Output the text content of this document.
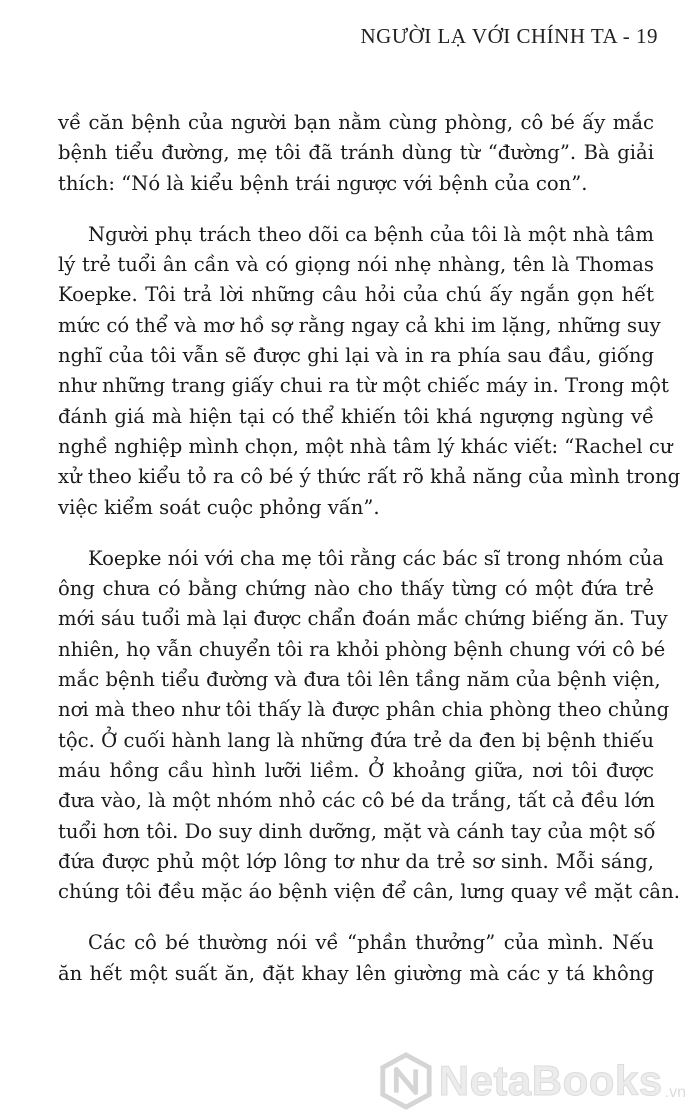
NGƯỜI LẠ VỚI CHÍNH TA - 19

về căn bệnh của người bạn nằm cùng phòng, cô bé ấy mắc
bệnh tiểu đường, mẹ tôi đã tránh dùng từ “đường”. Bà giải
thích: “Nó là kiểu bệnh trái ngược với bệnh của con”.

Người phụ trách theo dõi ca bệnh của tôi là một nhà tâm
lý trẻ tuổi ân cần và có giọng nói nhẹ nhàng, tên là Thomas
Koepke. Tôi trả lời những câu hỏi của chú ấy ngắn gọn hết
mức có thể và mơ hồ sợ rằng ngay cả khi im lặng, những suy
nghĩ của tôi vẫn sẽ được ghi lại và in ra phía sau đầu, giống
như những trang giấy chui ra từ một chiếc máy in. Trong một
đánh giá mà hiện tại có thể khiến tôi khá ngượng ngùng về
nghề nghiệp mình chọn, một nhà tâm lý khác viết: “Rachel cư
xử theo kiểu tỏ ra cô bé ý thức rất rõ khả năng của mình trong
việc kiểm soát cuộc phỏng vấn”.

Koepke nói với cha mẹ tôi rằng các bác sĩ trong nhóm của
ông chưa có bằng chứng nào cho thấy từng có một đứa trẻ
mới sáu tuổi mà lại được chẩn đoán mắc chứng biếng ăn. Tuy
nhiên, họ vẫn chuyển tôi ra khỏi phòng bệnh chung với cô bé
mắc bệnh tiểu đường và đưa tôi lên tầng năm của bệnh viện,
nơi mà theo như tôi thấy là được phân chia phòng theo chủng
tộc. Ở cuối hành lang là những đứa trẻ da đen bị bệnh thiếu
máu hồng cầu hình lưỡi liềm. Ở khoảng giữa, nơi tôi được
đưa vào, là một nhóm nhỏ các cô bé da trắng, tất cả đều lớn
tuổi hơn tôi. Do suy dinh dưỡng, mặt và cánh tay của một số
đứa được phủ một lớp lông tơ như da trẻ sơ sinh. Mỗi sáng,
chúng tôi đều mặc áo bệnh viện để cân, lưng quay về mặt cân.

Các cô bé thường nói về “phần thưởng” của mình. Nếu
ăn hết một suất ăn, đặt khay lên giường mà các y tá không

NetaBooks .vn
